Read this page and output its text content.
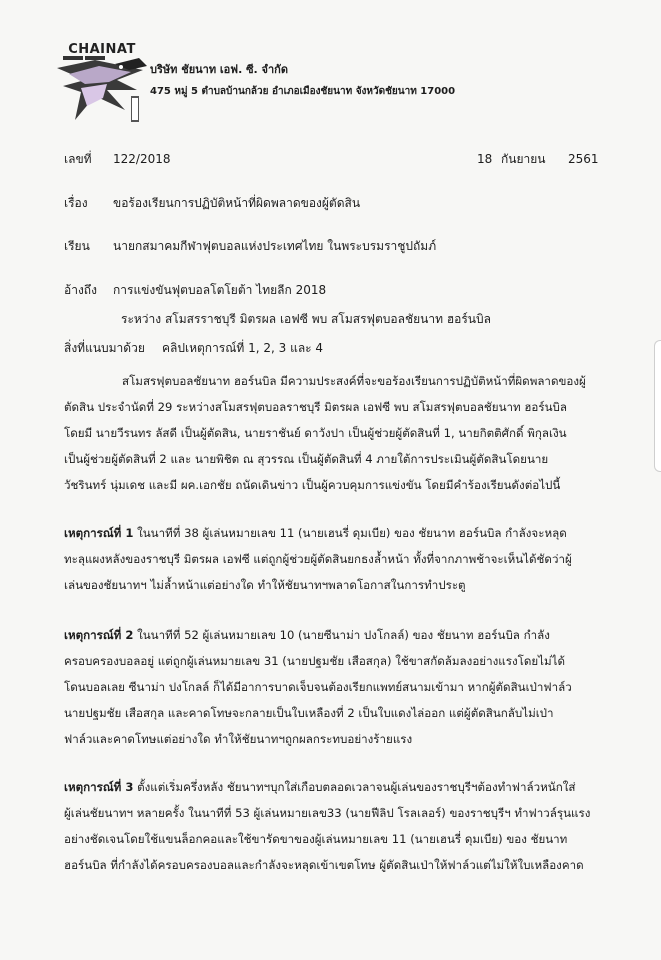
CHAINAT
บริษัท ชัยนาท เอฟ. ซี. จำกัด
475 หมู่ 5 ตำบลบ้านกล้วย อำเภอเมืองชัยนาท จังหวัดชัยนาท 17000
เลขที่ 122/2018	18 กันยายน 2561
เรื่อง ขอร้องเรียนการปฏิบัติหน้าที่ผิดพลาดของผู้ตัดสิน
เรียน นายกสมาคมกีฬาฟุตบอลแห่งประเทศไทย ในพระบรมราชูปถัมภ์
อ้างถึง การแข่งขันฟุตบอลโตโยต้า ไทยลีก 2018
ระหว่าง สโมสรราชบุรี มิตรผล เอฟซี พบ สโมสรฟุตบอลชัยนาท ฮอร์นบิล
สิ่งที่แนบมาด้วย คลิปเหตุการณ์ที่ 1, 2, 3 และ 4
สโมสรฟุตบอลชัยนาท ฮอร์นบิล มีความประสงค์ที่จะขอร้องเรียนการปฏิบัติหน้าที่ผิดพลาดของผู้
ตัดสิน ประจำนัดที่ 29 ระหว่างสโมสรฟุตบอลราชบุรี มิตรผล เอฟซี พบ สโมสรฟุตบอลชัยนาท ฮอร์นบิล
โดยมี นายวีรนทร ลัสดี เป็นผู้ตัดสิน, นายราชันย์ ดาวังปา เป็นผู้ช่วยผู้ตัดสินที่ 1, นายกิตติศักดิ์ พิกุลเงิน
เป็นผู้ช่วยผู้ตัดสินที่ 2 และ นายพิชิต ณ สุวรรณ เป็นผู้ตัดสินที่ 4 ภายใต้การประเมินผู้ตัดสินโดยนาย
วัชรินทร์ นุ่มเดช และมี ผค.เอกชัย ถนัดเดินข่าว เป็นผู้ควบคุมการแข่งขัน โดยมีคำร้องเรียนดังต่อไปนี้
เหตุการณ์ที่ 1 ในนาทีที่ 38 ผู้เล่นหมายเลข 11 (นายเฮนรี่ ดุมเบีย) ของ ชัยนาท ฮอร์นบิล กำลังจะหลุด
ทะลุแผงหลังของราชบุรี มิตรผล เอฟซี แต่ถูกผู้ช่วยผู้ตัดสินยกธงล้ำหน้า ทั้งที่จากภาพช้าจะเห็นได้ชัดว่าผู้
เล่นของชัยนาทฯ ไม่ล้ำหน้าแต่อย่างใด ทำให้ชัยนาทฯพลาดโอกาสในการทำประตู
เหตุการณ์ที่ 2 ในนาทีที่ 52 ผู้เล่นหมายเลข 10 (นายซีนาม่า ปงโกลล์) ของ ชัยนาท ฮอร์นบิล กำลัง
ครอบครองบอลอยู่ แต่ถูกผู้เล่นหมายเลข 31 (นายปฐมชัย เสือสกุล) ใช้ขาสกัดล้มลงอย่างแรงโดยไม่ได้
โดนบอลเลย ซีนาม่า ปงโกลล์ ก็ได้มีอาการบาดเจ็บจนต้องเรียกแพทย์สนามเข้ามา หากผู้ตัดสินเป่าฟาล์ว
นายปฐมชัย เสือสกุล และคาดโทษจะกลายเป็นใบเหลืองที่ 2 เป็นใบแดงไล่ออก แต่ผู้ตัดสินกลับไม่เป่า
ฟาล์วและคาดโทษแต่อย่างใด ทำให้ชัยนาทฯถูกผลกระทบอย่างร้ายแรง
เหตุการณ์ที่ 3 ตั้งแต่เริ่มครึ่งหลัง ชัยนาทฯบุกใส่เกือบตลอดเวลาจนผู้เล่นของราชบุรีฯต้องทำฟาล์วหนักใส่
ผู้เล่นชัยนาทฯ หลายครั้ง ในนาทีที่ 53 ผู้เล่นหมายเลข33 (นายฟีลิป โรลเลอร์) ของราชบุรีฯ ทำฟาวล์รุนแรง
อย่างชัดเจนโดยใช้แขนล็อกคอและใช้ขารัดขาของผู้เล่นหมายเลข 11 (นายเฮนรี่ ดุมเบีย) ของ ชัยนาท
ฮอร์นบิล ที่กำลังได้ครอบครองบอลและกำลังจะหลุดเข้าเขตโทษ ผู้ตัดสินเป่าให้ฟาล์วแต่ไม่ให้ใบเหลืองคาด
